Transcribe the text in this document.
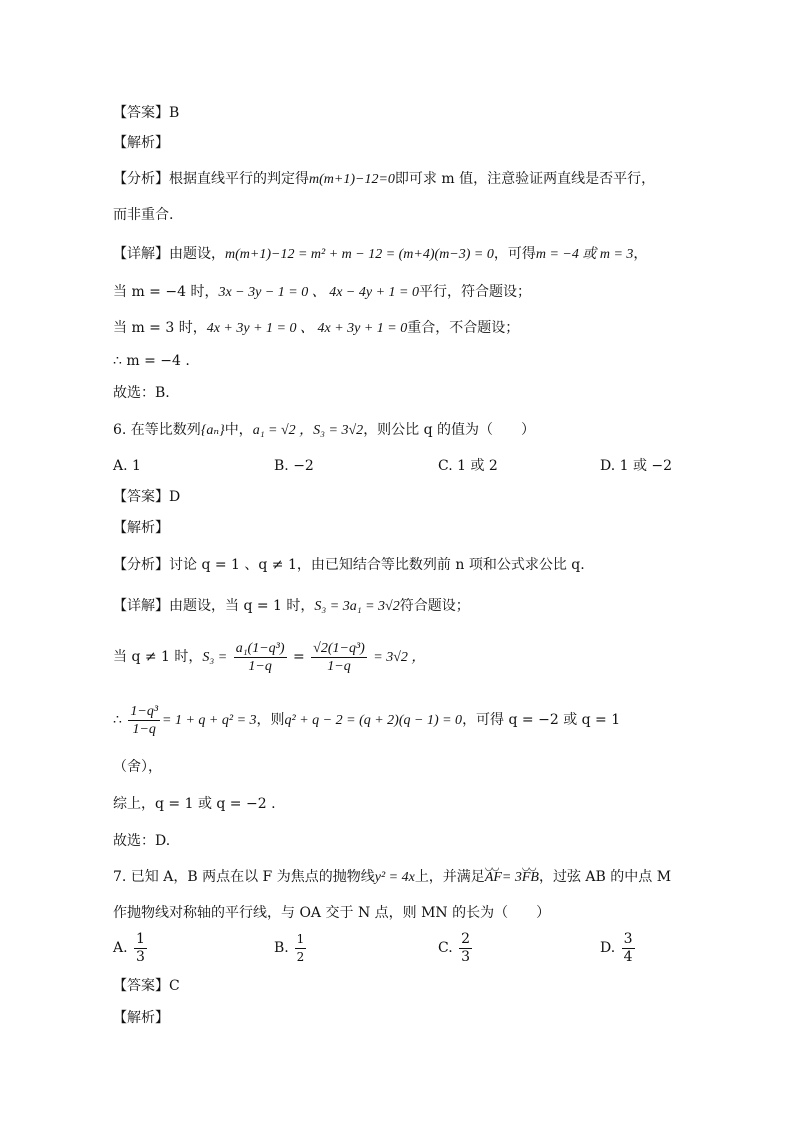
【答案】B
【解析】
【分析】根据直线平行的判定得m(m+1)−12=0即可求 m 值，注意验证两直线是否平行，
而非重合.
【详解】由题设，m(m+1)−12 = m² + m − 12 = (m+4)(m−3) = 0，可得m = −4 或 m = 3，
当 m = −4 时，3x − 3y − 1 = 0 、 4x − 4y + 1 = 0平行，符合题设；
当 m = 3 时，4x + 3y + 1 = 0 、 4x + 3y + 1 = 0重合，不合题设；
∴ m = −4 .
故选：B.
6. 在等比数列{aₙ}中，a₁ = √2 ，S₃ = 3√2，则公比 q 的值为（　　）
A. 1	B. −2	C. 1 或 2	D. 1 或 −2
【答案】D
【解析】
【分析】讨论 q = 1 、q ≠ 1，由已知结合等比数列前 n 项和公式求公比 q.
【详解】由题设，当 q = 1 时，S₃ = 3a₁ = 3√2符合题设；
当 q ≠ 1 时，$S_3 = \frac{\text{a₁(1−q³)}}{1-q} = \frac{\text{√2(1−q³)}}{1-q} = 3√2$ ，
∴ $\frac{\text{1−q³}}{1-q} = 1 + q + q^2 = 3$，则q² + q − 2 = (q + 2)(q − 1) = 0，可得 q = −2 或 q = 1
（舍），
综上，q = 1 或 q = −2 .
故选：D.
7. 已知 A，B 两点在以 F 为焦点的抛物线y² = 4x上，并满足◡◡ AF= 3◡◡ FB，过弦 AB 的中点 M
作抛物线对称轴的平行线，与 OA 交于 N 点，则 MN 的长为（　　）
A. $\frac{1}{3}$	B. $\frac{1}{2}$	C. $\frac{2}{3}$	D. $\frac{3}{4}$
【答案】C
【解析】
